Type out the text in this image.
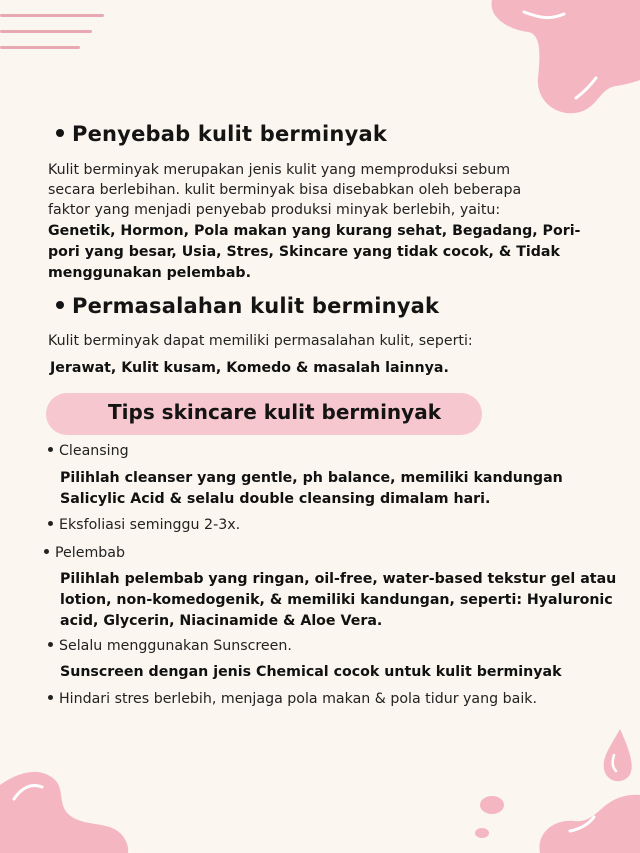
Penyebab kulit berminyak
Kulit berminyak merupakan jenis kulit yang memproduksi sebum
secara berlebihan. kulit berminyak bisa disebabkan oleh beberapa
faktor yang menjadi penyebab produksi minyak berlebih, yaitu:
Genetik, Hormon, Pola makan yang kurang sehat, Begadang, Pori-
pori yang besar, Usia, Stres, Skincare yang tidak cocok, & Tidak
menggunakan pelembab.
Permasalahan kulit berminyak
Kulit berminyak dapat memiliki permasalahan kulit, seperti:
Jerawat, Kulit kusam, Komedo & masalah lainnya.
Tips skincare kulit berminyak
Cleansing
Pilihlah cleanser yang gentle, ph balance, memiliki kandungan
Salicylic Acid & selalu double cleansing dimalam hari.
Eksfoliasi seminggu 2-3x.
Pelembab
Pilihlah pelembab yang ringan, oil-free, water-based tekstur gel atau
lotion, non-komedogenik, & memiliki kandungan, seperti: Hyaluronic
acid, Glycerin, Niacinamide & Aloe Vera.
Selalu menggunakan Sunscreen.
Sunscreen dengan jenis Chemical cocok untuk kulit berminyak
Hindari stres berlebih, menjaga pola makan & pola tidur yang baik.
